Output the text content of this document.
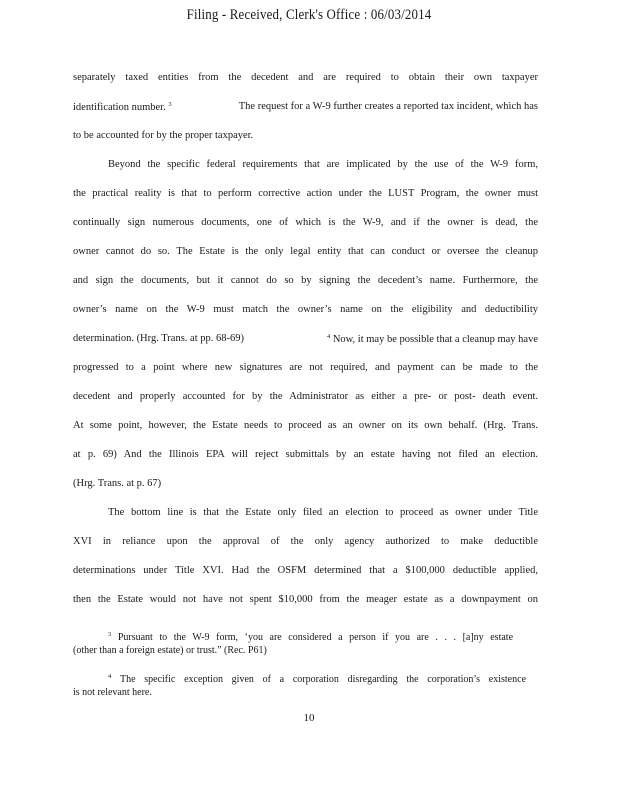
Filing - Received, Clerk's Office : 06/03/2014
separately taxed entities from the decedent and are required to obtain their own taxpayer
identification number. $^3$	The request for a W-9 further creates a reported tax incident, which has
to be accounted for by the proper taxpayer.
Beyond the specific federal requirements that are implicated by the use of the W-9 form,
the practical reality is that to perform corrective action under the LUST Program, the owner must
continually sign numerous documents, one of which is the W-9, and if the owner is dead, the
owner cannot do so. The Estate is the only legal entity that can conduct or oversee the cleanup
and sign the documents, but it cannot do so by signing the decedent’s name. Furthermore, the
owner’s name on the W-9 must match the owner’s name on the eligibility and deductibility
determination. (Hrg. Trans. at pp. 68-69)	$^4$ Now, it may be possible that a cleanup may have
progressed to a point where new signatures are not required, and payment can be made to the
decedent and properly accounted for by the Administrator as either a pre- or post- death event.
At some point, however, the Estate needs to proceed as an owner on its own behalf. (Hrg. Trans.
at p. 69) And the Illinois EPA will reject submittals by an estate having not filed an election.
(Hrg. Trans. at p. 67)
The bottom line is that the Estate only filed an election to proceed as owner under Title
XVI in reliance upon the approval of the only agency authorized to make deductible
determinations under Title XVI. Had the OSFM determined that a $100,000 deductible applied,
then the Estate would not have not spent $10,000 from the meager estate as a downpayment on
$^3$ Pursuant to the W-9 form, ‘you are considered a person if you are . . . [a]ny estate
(other than a foreign estate) or trust.” (Rec. P61)
$^4$ The specific exception given of a corporation disregarding the corporation’s existence
is not relevant here.
10
